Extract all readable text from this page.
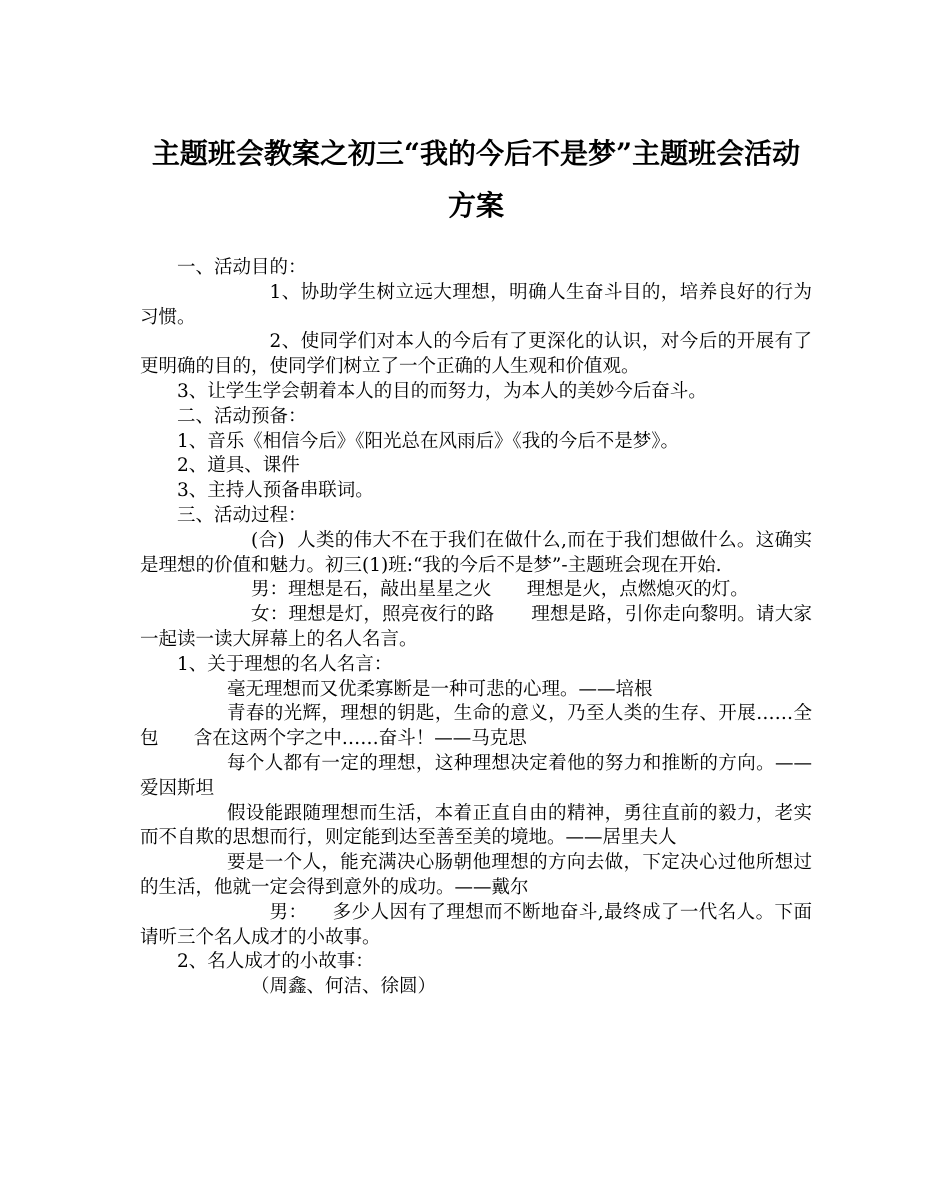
主题班会教案之初三“我的今后不是梦”主题班会活动方案

一、活动目的：

1、协助学生树立远大理想，明确人生奋斗目的，培养良好的行为习惯。

2、使同学们对本人的今后有了更深化的认识，对今后的开展有了更明确的目的，使同学们树立了一个正确的人生观和价值观。

3、让学生学会朝着本人的目的而努力，为本人的美妙今后奋斗。

二、活动预备：

1、音乐《相信今后》《阳光总在风雨后》《我的今后不是梦》。

2、道具、课件

3、主持人预备串联词。

三、活动过程：

(合)  人类的伟大不在于我们在做什么,而在于我们想做什么。这确实是理想的价值和魅力。初三(1)班:“我的今后不是梦”-主题班会现在开始.

男：理想是石，敲出星星之火      理想是火，点燃熄灭的灯。

女：理想是灯，照亮夜行的路      理想是路，引你走向黎明。请大家一起读一读大屏幕上的名人名言。

1、关于理想的名人名言：

毫无理想而又优柔寡断是一种可悲的心理。——培根

青春的光辉，理想的钥匙，生命的意义，乃至人类的生存、开展……全包      含在这两个字之中……奋斗！——马克思

每个人都有一定的理想，这种理想决定着他的努力和推断的方向。——爱因斯坦

假设能跟随理想而生活，本着正直自由的精神，勇往直前的毅力，老实而不自欺的思想而行，则定能到达至善至美的境地。——居里夫人

要是一个人，能充满决心肠朝他理想的方向去做，下定决心过他所想过的生活，他就一定会得到意外的成功。——戴尔

男：    多少人因有了理想而不断地奋斗,最终成了一代名人。下面请听三个名人成才的小故事。

2、名人成才的小故事：

（周鑫、何洁、徐圆）
